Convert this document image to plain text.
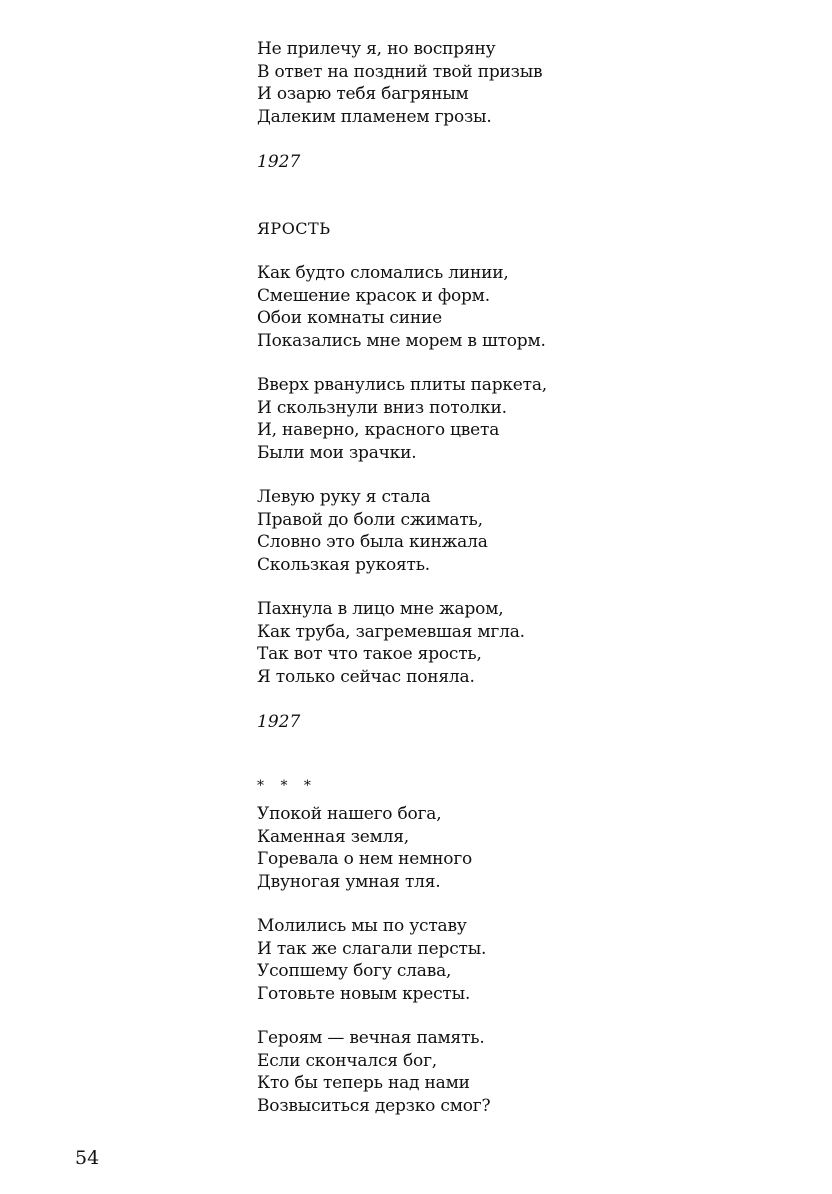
Не прилечу я, но воспряну
В ответ на поздний твой призыв
И озарю тебя багряным
Далеким пламенем грозы.
1927
ЯРОСТЬ
Как будто сломались линии,
Смешение красок и форм.
Обои комнаты синие
Показались мне морем в шторм.
Вверх рванулись плиты паркета,
И скользнули вниз потолки.
И, наверно, красного цвета
Были мои зрачки.
Левую руку я стала
Правой до боли сжимать,
Словно это была кинжала
Скользкая рукоять.
Пахнула в лицо мне жаром,
Как труба, загремевшая мгла.
Так вот что такое ярость,
Я только сейчас поняла.
1927
* * *
Упокой нашего бога,
Каменная земля,
Горевала о нем немного
Двуногая умная тля.
Молились мы по уставу
И так же слагали персты.
Усопшему богу слава,
Готовьте новым кресты.
Героям — вечная память.
Если скончался бог,
Кто бы теперь над нами
Возвыситься дерзко смог?
54
